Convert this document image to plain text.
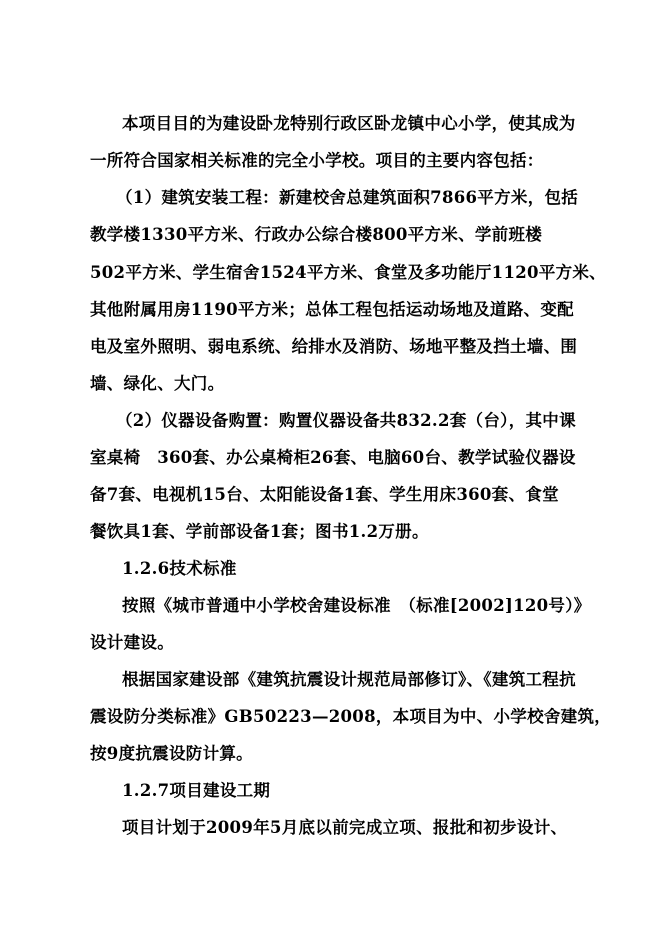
本项目目的为建设卧龙特别行政区卧龙镇中心小学，使其成为
一所符合国家相关标准的完全小学校。项目的主要内容包括：
（1）建筑安装工程：新建校舍总建筑面积7866平方米，包括
教学楼1330平方米、行政办公综合楼800平方米、学前班楼
502平方米、学生宿舍1524平方米、食堂及多功能厅1120平方米、
其他附属用房1190平方米；总体工程包括运动场地及道路、变配
电及室外照明、弱电系统、给排水及消防、场地平整及挡土墙、围
墙、绿化、大门。
（2）仪器设备购置：购置仪器设备共832.2套（台），其中课
室桌椅　360套、办公桌椅柜26套、电脑60台、教学试验仪器设
备7套、电视机15台、太阳能设备1套、学生用床360套、食堂
餐饮具1套、学前部设备1套；图书1.2万册。
1.2.6技术标准
按照《城市普通中小学校舍建设标准　（标准[2002]120号）》
设计建设。
根据国家建设部《建筑抗震设计规范局部修订》、《建筑工程抗
震设防分类标准》GB50223—2008，本项目为中、小学校舍建筑，
按9度抗震设防计算。
1.2.7项目建设工期
项目计划于2009年5月底以前完成立项、报批和初步设计、
